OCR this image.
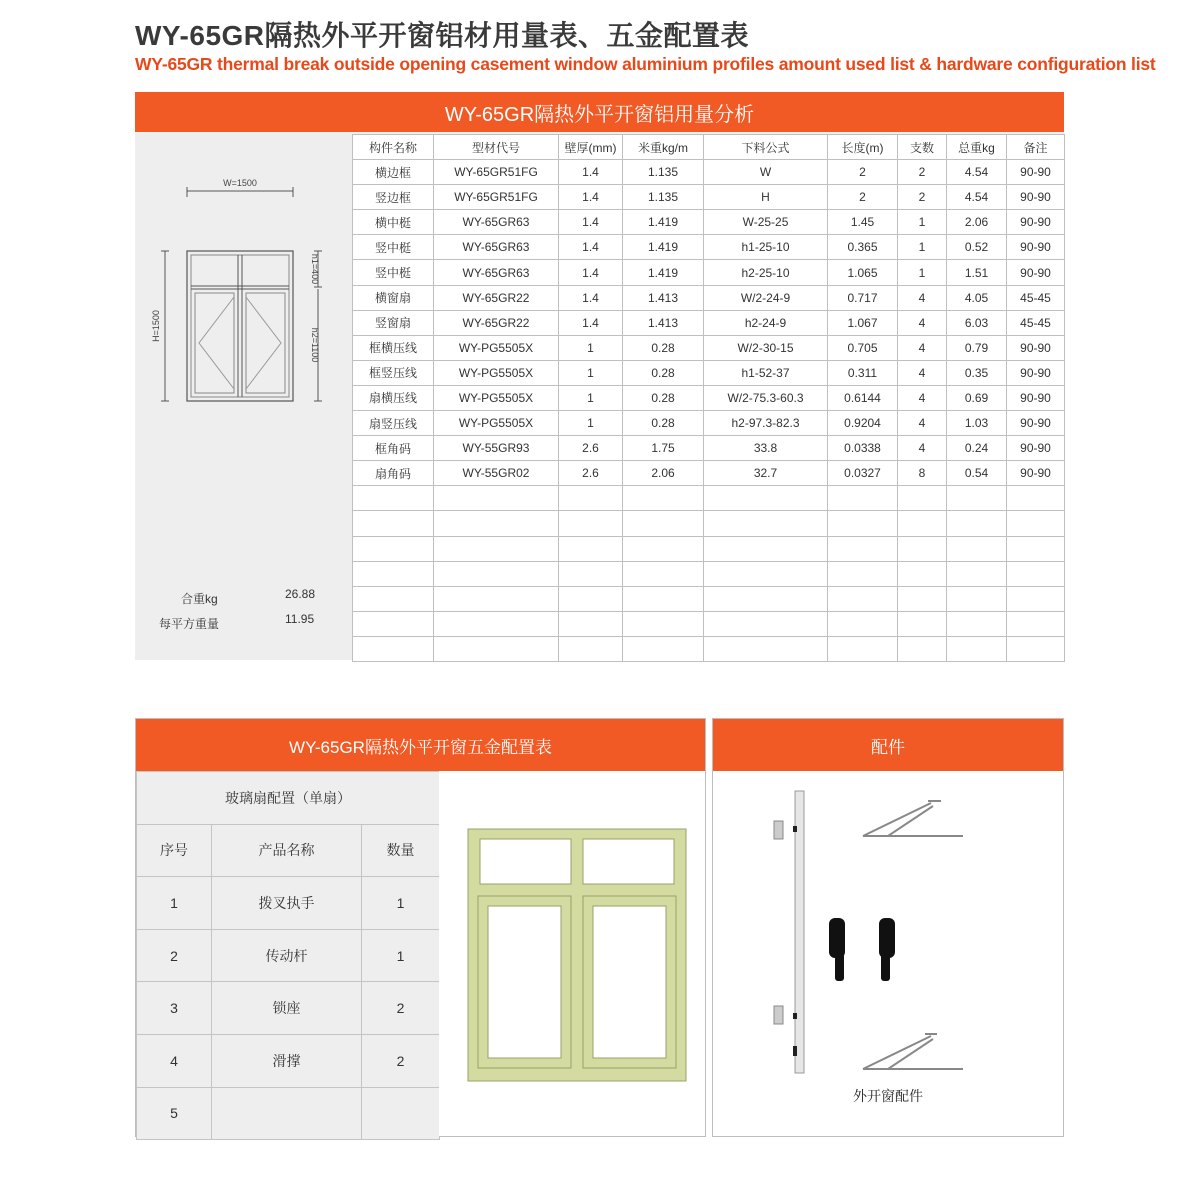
WY-65GR隔热外平开窗铝材用量表、五金配置表
WY-65GR thermal break outside opening casement window aluminium profiles amount used list & hardware configuration list
WY-65GR隔热外平开窗铝用量分析
W=1500
H=1500
h1=400
h2=1100
合重kg	26.88
每平方重量	11.95
构件名称	型材代号	壁厚(mm)	米重kg/m	下料公式	长度(m)	支数	总重kg	备注
横边框	WY-65GR51FG	1.4	1.135	W	2	2	4.54	90-90
竖边框	WY-65GR51FG	1.4	1.135	H	2	2	4.54	90-90
横中梃	WY-65GR63	1.4	1.419	W-25-25	1.45	1	2.06	90-90
竖中梃	WY-65GR63	1.4	1.419	h1-25-10	0.365	1	0.52	90-90
竖中梃	WY-65GR63	1.4	1.419	h2-25-10	1.065	1	1.51	90-90
横窗扇	WY-65GR22	1.4	1.413	W/2-24-9	0.717	4	4.05	45-45
竖窗扇	WY-65GR22	1.4	1.413	h2-24-9	1.067	4	6.03	45-45
框横压线	WY-PG5505X	1	0.28	W/2-30-15	0.705	4	0.79	90-90
框竖压线	WY-PG5505X	1	0.28	h1-52-37	0.311	4	0.35	90-90
扇横压线	WY-PG5505X	1	0.28	W/2-75.3-60.3	0.6144	4	0.69	90-90
扇竖压线	WY-PG5505X	1	0.28	h2-97.3-82.3	0.9204	4	1.03	90-90
框角码	WY-55GR93	2.6	1.75	33.8	0.0338	4	0.24	90-90
扇角码	WY-55GR02	2.6	2.06	32.7	0.0327	8	0.54	90-90

WY-65GR隔热外平开窗五金配置表
玻璃扇配置（单扇）		
序号	产品名称	数量
1	拨叉执手	1
2	传动杆	1
3	锁座	2
4	滑撑	2
5		
配件
外开窗配件
